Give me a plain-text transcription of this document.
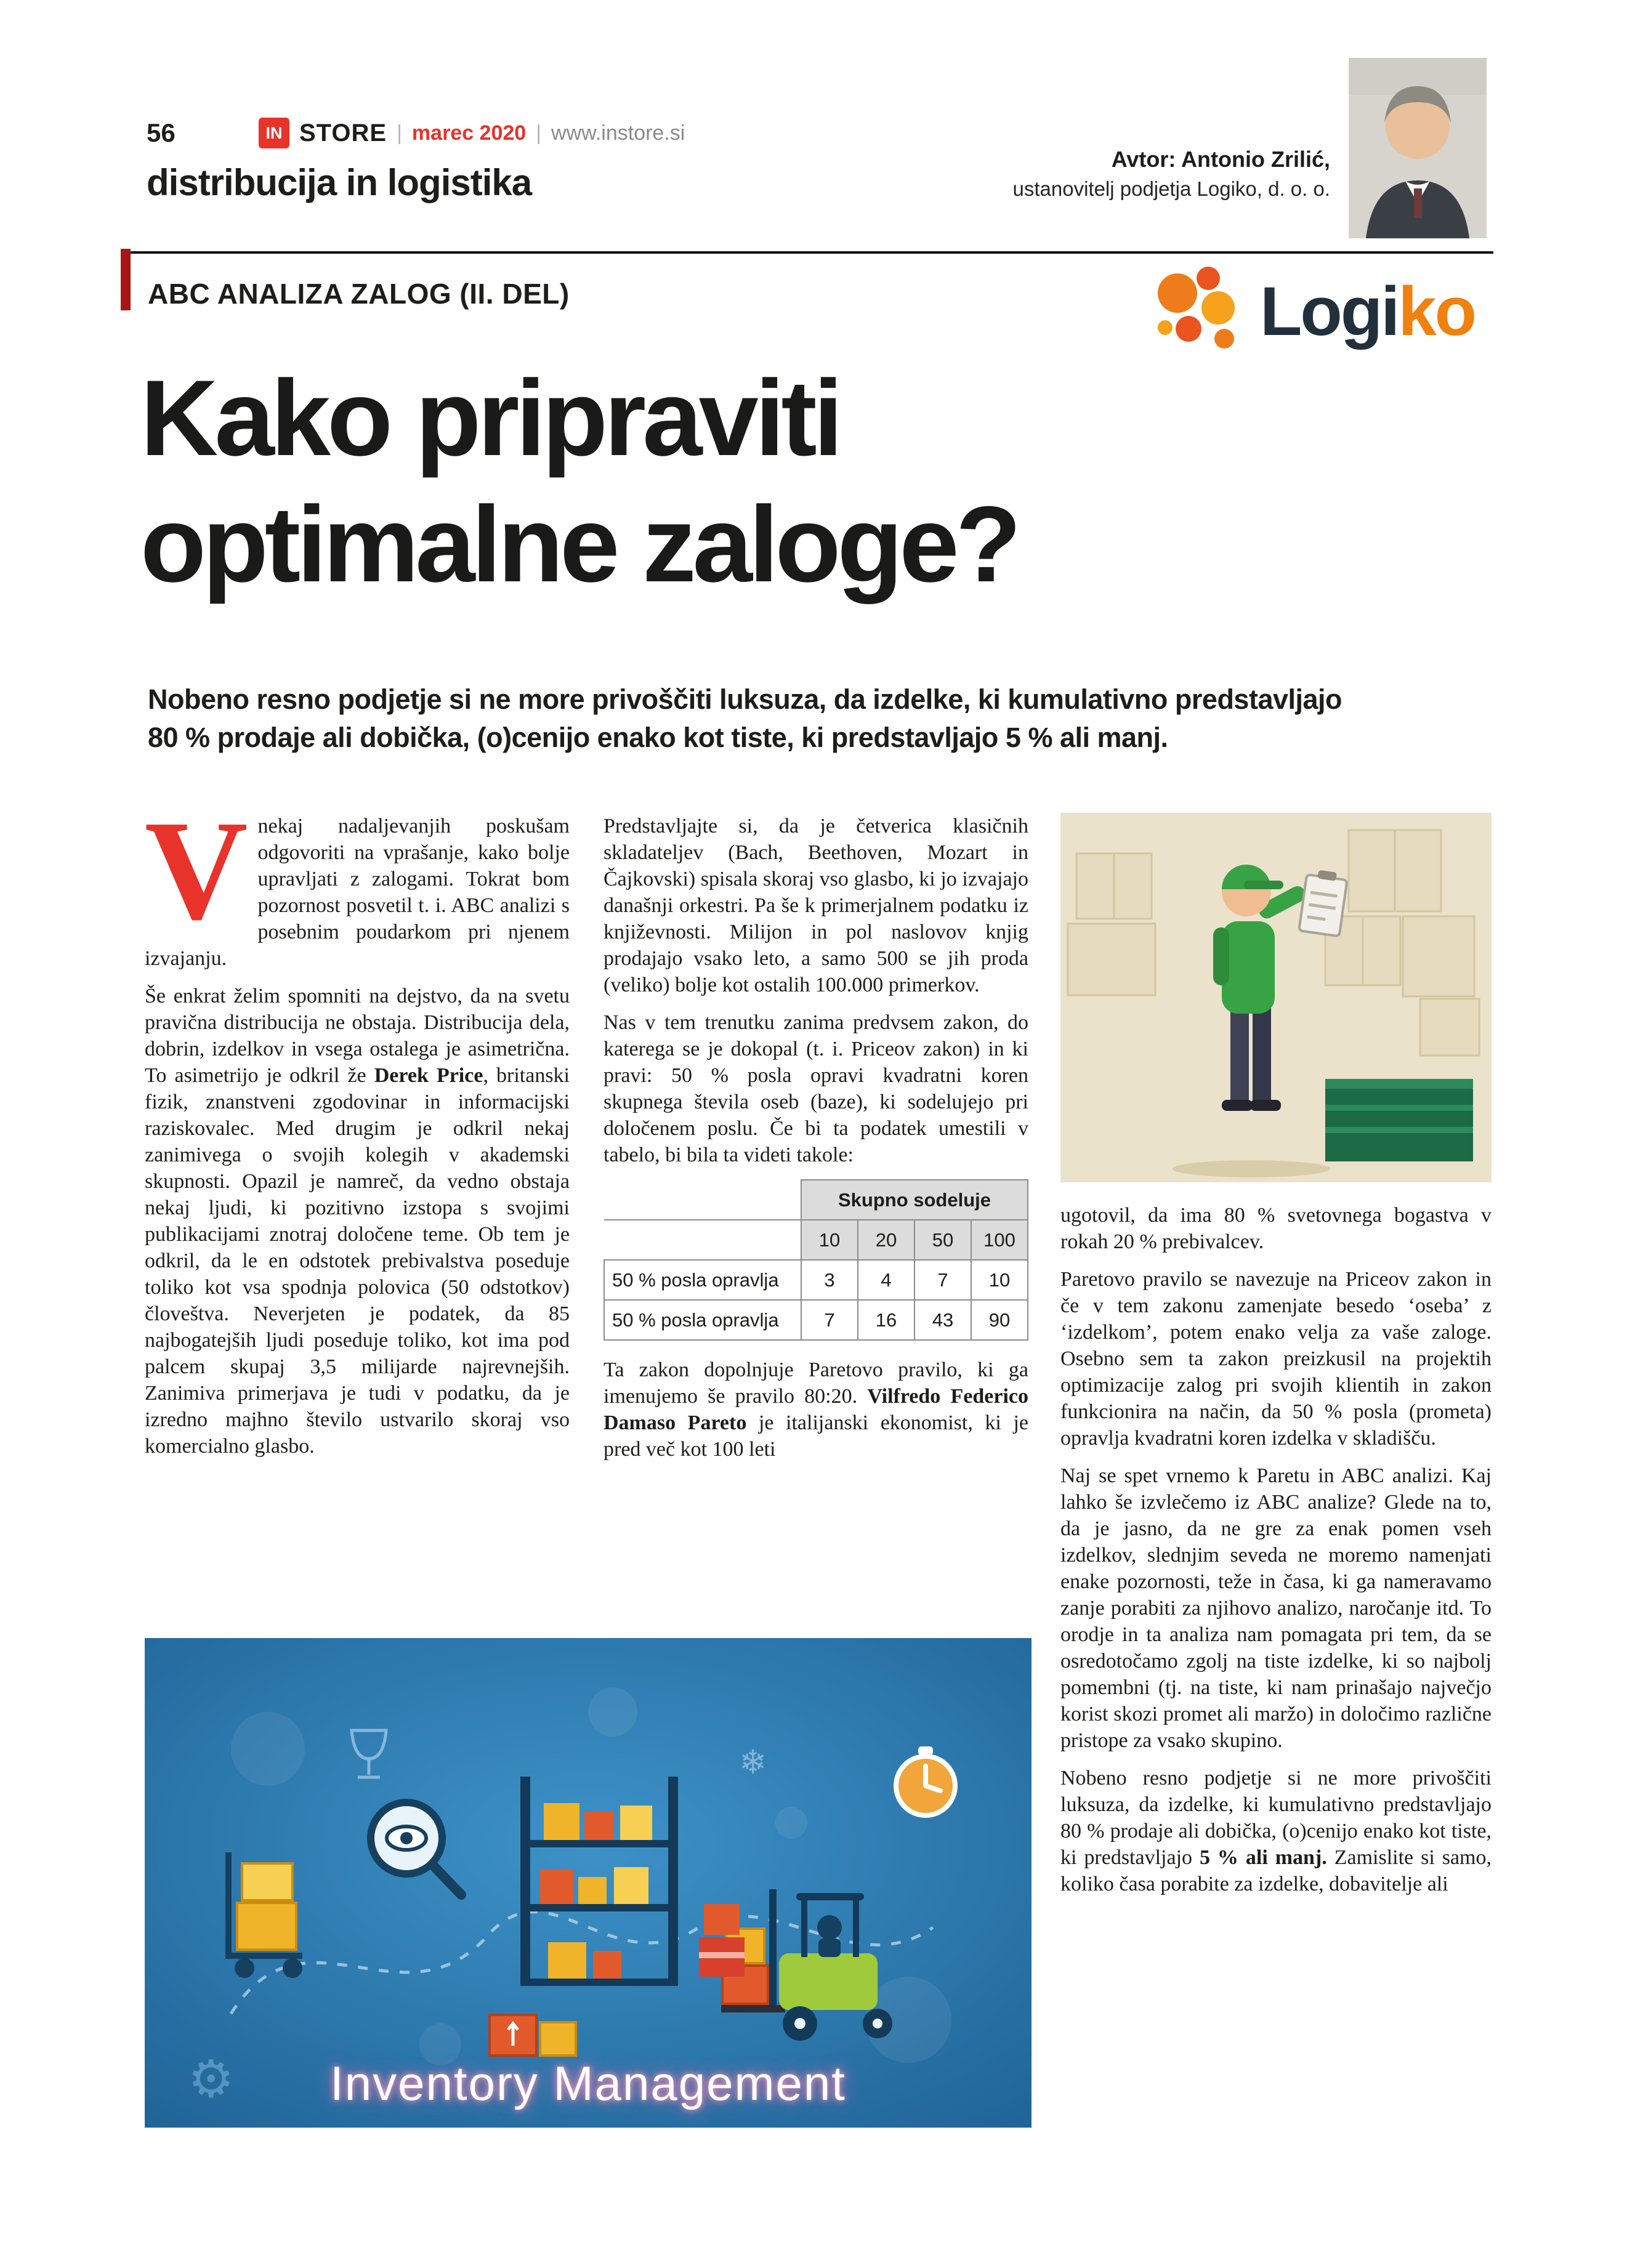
56	IN STORE | marec 2020 | www.instore.si
distribucija in logistika
Avtor: Antonio Zrilić,
ustanovitelj podjetja Logiko, d. o. o.
ABC ANALIZA ZALOG (II. DEL)	Logiko
Kako pripraviti
optimalne zaloge?
Nobeno resno podjetje si ne more privoščiti luksuza, da izdelke, ki kumulativno predstavljajo
80 % prodaje ali dobička, (o)cenijo enako kot tiste, ki predstavljajo 5 % ali manj.

Vnekaj nadaljevanjih poskušam odgovoriti na vprašanje, kako bolje upravljati z zalogami. Tokrat bom pozornost posvetil t. i. ABC analizi s posebnim poudarkom pri njenem izvajanju.

Še enkrat želim spomniti na dejstvo, da na svetu pravična distribucija ne obstaja. Distribucija dela, dobrin, izdelkov in vsega ostalega je asimetrična. To asimetrijo je odkril že Derek Price, britanski fizik, znanstveni zgodovinar in informacijski raziskovalec. Med drugim je odkril nekaj zanimivega o svojih kolegih v akademski skupnosti. Opazil je namreč, da vedno obstaja nekaj ljudi, ki pozitivno izstopa s svojimi publikacijami znotraj določene teme. Ob tem je odkril, da le en odstotek prebivalstva poseduje toliko kot vsa spodnja polovica (50 odstotkov) človeštva. Neverjeten je podatek, da 85 najbogatejših ljudi poseduje toliko, kot ima pod palcem skupaj 3,5 milijarde najrevnejših. Zanimiva primerjava je tudi v podatku, da je izredno majhno število ustvarilo skoraj vso komercialno glasbo.

Predstavljajte si, da je četverica klasičnih skladateljev (Bach, Beethoven, Mozart in Čajkovski) spisala skoraj vso glasbo, ki jo izvajajo današnji orkestri. Pa še k primerjalnem podatku iz književnosti. Milijon in pol naslovov knjig prodajajo vsako leto, a samo 500 se jih proda (veliko) bolje kot ostalih 100.000 primerkov.

Nas v tem trenutku zanima predvsem zakon, do katerega se je dokopal (t. i. Priceov zakon) in ki pravi: 50 % posla opravi kvadratni koren skupnega števila oseb (baze), ki sodelujejo pri določenem poslu. Če bi ta podatek umestili v tabelo, bi bila ta videti takole:

	Skupno sodeluje			
	10	20	50	100
50 % posla opravlja	3	4	7	10
50 % posla opravlja	7	16	43	90

Ta zakon dopolnjuje Paretovo pravilo, ki ga imenujemo še pravilo 80:20. Vilfredo Federico Damaso Pareto je italijanski ekonomist, ki je pred več kot 100 leti

ugotovil, da ima 80 % svetovnega bogastva v rokah 20 % prebivalcev.

Paretovo pravilo se navezuje na Priceov zakon in če v tem zakonu zamenjate besedo ‘oseba’ z ‘izdelkom’, potem enako velja za vaše zaloge. Osebno sem ta zakon preizkusil na projektih optimizacije zalog pri svojih klientih in zakon funkcionira na način, da 50 % posla (prometa) opravlja kvadratni koren izdelka v skladišču.

Naj se spet vrnemo k Paretu in ABC analizi. Kaj lahko še izvlečemo iz ABC analize? Glede na to, da je jasno, da ne gre za enak pomen vseh izdelkov, slednjim seveda ne moremo namenjati enake pozornosti, teže in časa, ki ga nameravamo zanje porabiti za njihovo analizo, naročanje itd. To orodje in ta analiza nam pomagata pri tem, da se osredotočamo zgolj na tiste izdelke, ki so najbolj pomembni (tj. na tiste, ki nam prinašajo največjo korist skozi promet ali maržo) in določimo različne pristope za vsako skupino.

Nobeno resno podjetje si ne more privoščiti luksuza, da izdelke, ki kumulativno predstavljajo 80 % prodaje ali dobička, (o)cenijo enako kot tiste, ki predstavljajo 5 % ali manj. Zamislite si samo, koliko časa porabite za izdelke, dobavitelje ali

⚙
❄
Inventory Management
